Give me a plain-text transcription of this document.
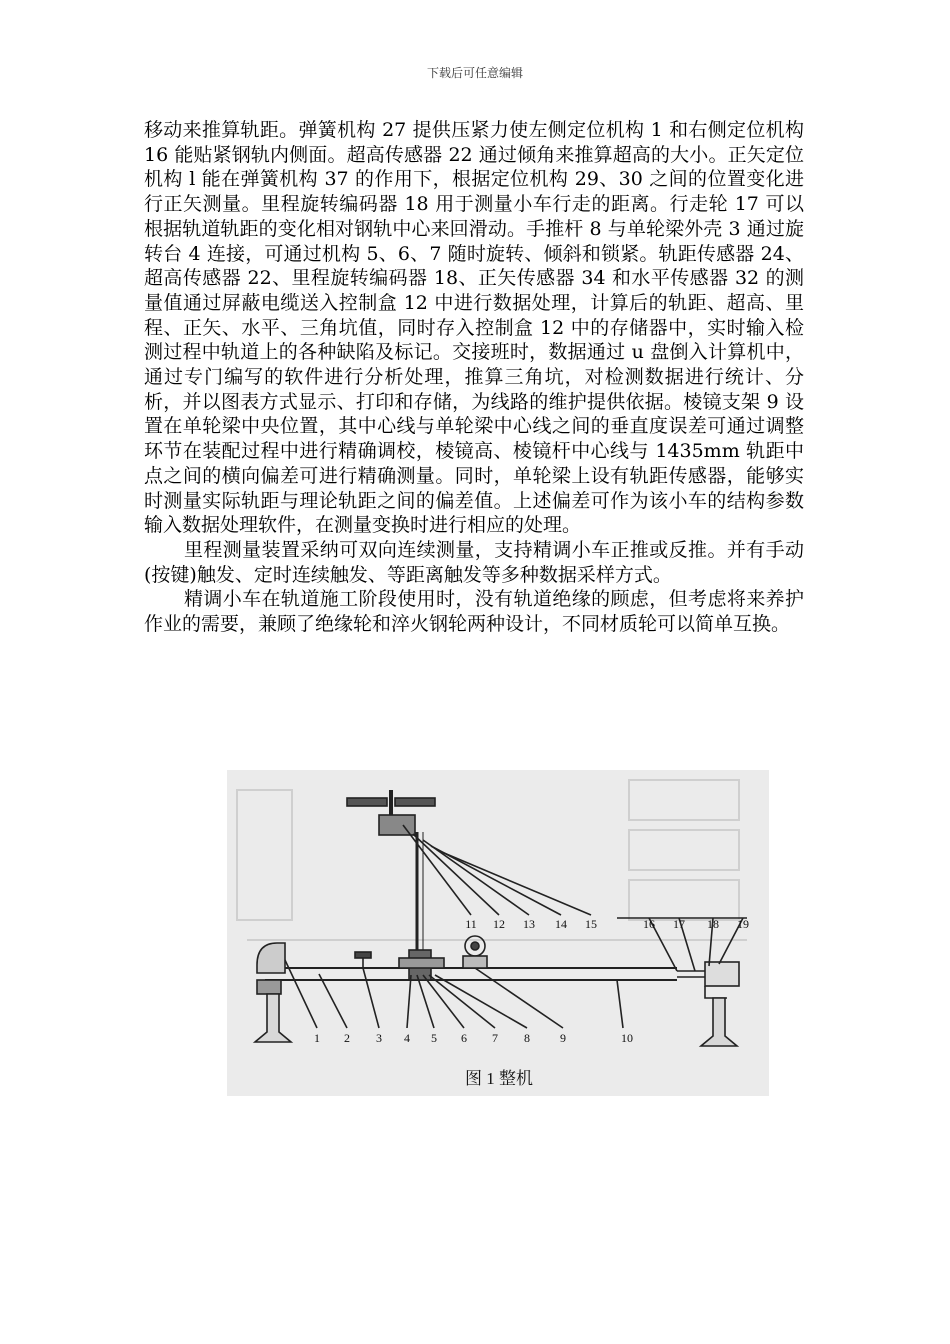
下载后可任意编辑

移动来推算轨距。弹簧机构 27 提供压紧力使左侧定位机构 1 和右侧定位机构 16 能贴紧钢轨内侧面。超高传感器 22 通过倾角来推算超高的大小。正矢定位机构 l 能在弹簧机构 37 的作用下，根据定位机构 29、30 之间的位置变化进行正矢测量。里程旋转编码器 18 用于测量小车行走的距离。行走轮 17 可以根据轨道轨距的变化相对钢轨中心来回滑动。手推杆 8 与单轮梁外壳 3 通过旋转台 4 连接，可通过机构 5、6、7 随时旋转、倾斜和锁紧。轨距传感器 24、超高传感器 22、里程旋转编码器 18、正矢传感器 34 和水平传感器 32 的测量值通过屏蔽电缆送入控制盒 12 中进行数据处理，计算后的轨距、超高、里程、正矢、水平、三角坑值，同时存入控制盒 12 中的存储器中，实时输入检测过程中轨道上的各种缺陷及标记。交接班时，数据通过 u 盘倒入计算机中，通过专门编写的软件进行分析处理，推算三角坑，对检测数据进行统计、分析，并以图表方式显示、打印和存储，为线路的维护提供依据。棱镜支架 9 设置在单轮梁中央位置，其中心线与单轮梁中心线之间的垂直度误差可通过调整环节在装配过程中进行精确调校，棱镜高、棱镜杆中心线与 1435mm 轨距中点之间的横向偏差可进行精确测量。同时，单轮梁上设有轨距传感器，能够实时测量实际轨距与理论轨距之间的偏差值。上述偏差可作为该小车的结构参数输入数据处理软件，在测量变换时进行相应的处理。

里程测量装置采纳可双向连续测量，支持精调小车正推或反推。并有手动(按键)触发、定时连续触发、等距离触发等多种数据采样方式。

精调小车在轨道施工阶段使用时，没有轨道绝缘的顾虑，但考虑将来养护作业的需要，兼顾了绝缘轮和淬火钢轮两种设计，不同材质轮可以简单互换。

11 12 13 14 15	16 17 18 19
1 2 3 4 5 6 7 8	9	10
图 1 整机
